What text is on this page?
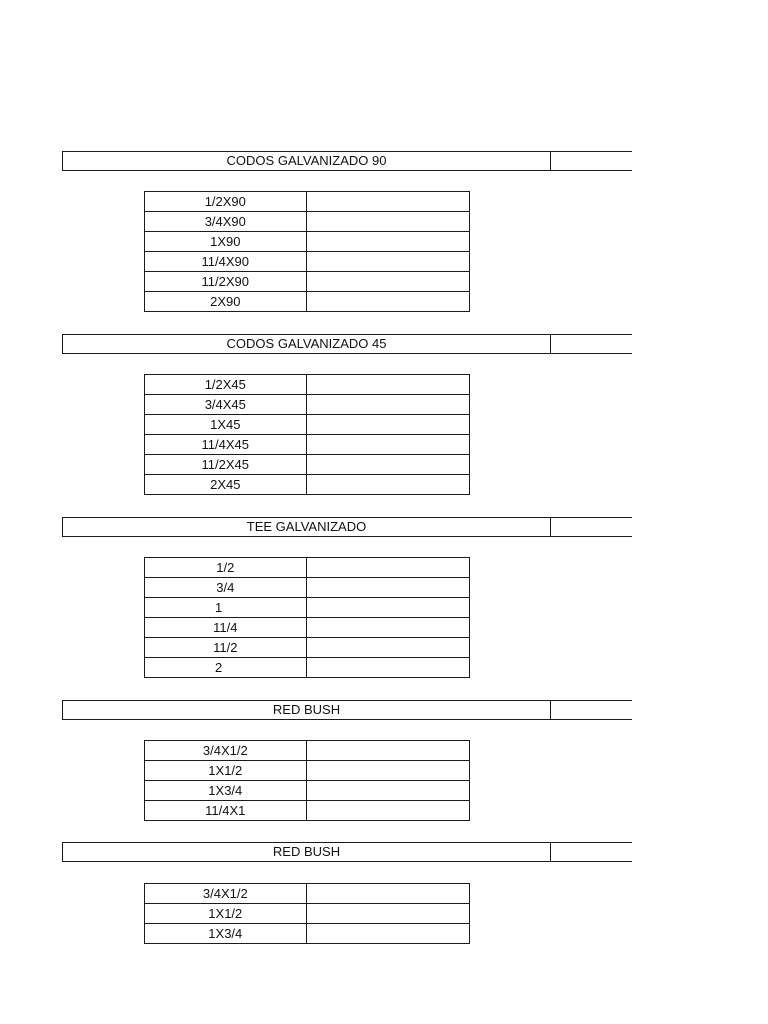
CODOS GALVANIZADO 90
1/2X90	
3/4X90	
1X90	
11/4X90	
11/2X90	
2X90	
CODOS GALVANIZADO 45
1/2X45	
3/4X45	
1X45	
11/4X45	
11/2X45	
2X45	
TEE GALVANIZADO
1/2	
3/4	
1	
11/4	
11/2	
2	
RED BUSH
3/4X1/2	
1X1/2	
1X3/4	
11/4X1	
RED BUSH
3/4X1/2	
1X1/2	
1X3/4	
